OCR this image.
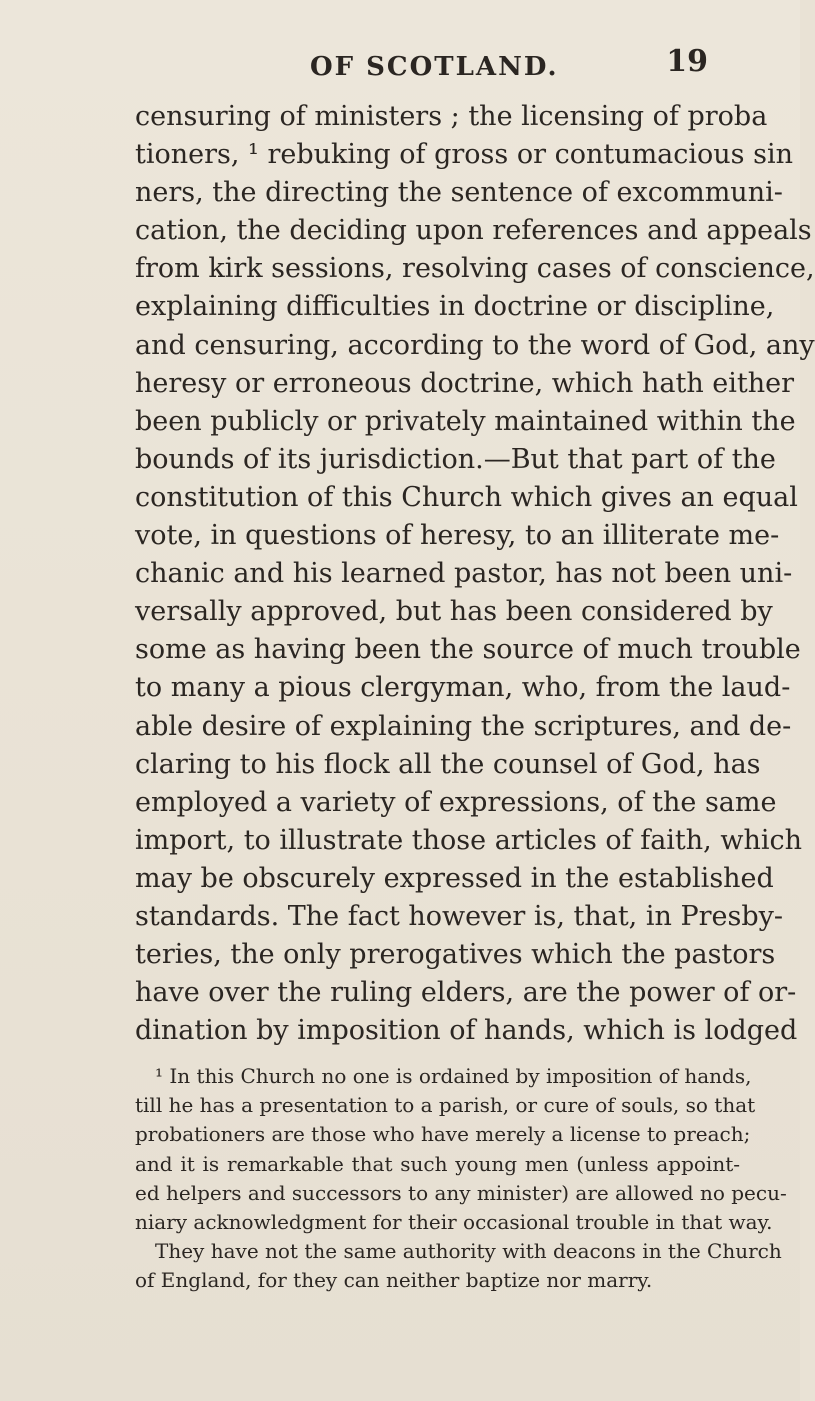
OF SCOTLAND.	19
censuring of ministers ; the licensing of proba
tioners, ¹ rebuking of gross or contumacious sin
ners, the directing the sentence of excommuni-
cation, the deciding upon references and appeals
from kirk sessions, resolving cases of conscience,
explaining difficulties in doctrine or discipline,
and censuring, according to the word of God, any
heresy or erroneous doctrine, which hath either
been publicly or privately maintained within the
bounds of its jurisdiction.—But that part of the
constitution of this Church which gives an equal
vote, in questions of heresy, to an illiterate me-
chanic and his learned pastor, has not been uni-
versally approved, but has been considered by
some as having been the source of much trouble
to many a pious clergyman, who, from the laud-
able desire of explaining the scriptures, and de-
claring to his flock all the counsel of God, has
employed a variety of expressions, of the same
import, to illustrate those articles of faith, which
may be obscurely expressed in the established
standards. The fact however is, that, in Presby-
teries, the only prerogatives which the pastors
have over the ruling elders, are the power of or-
dination by imposition of hands, which is lodged
¹ In this Church no one is ordained by imposition of hands,
till he has a presentation to a parish, or cure of souls, so that
probationers are those who have merely a license to preach;
and it is remarkable that such young men (unless appoint-
ed helpers and successors to any minister) are allowed no pecu-
niary acknowledgment for their occasional trouble in that way.
They have not the same authority with deacons in the Church
of England, for they can neither baptize nor marry.
